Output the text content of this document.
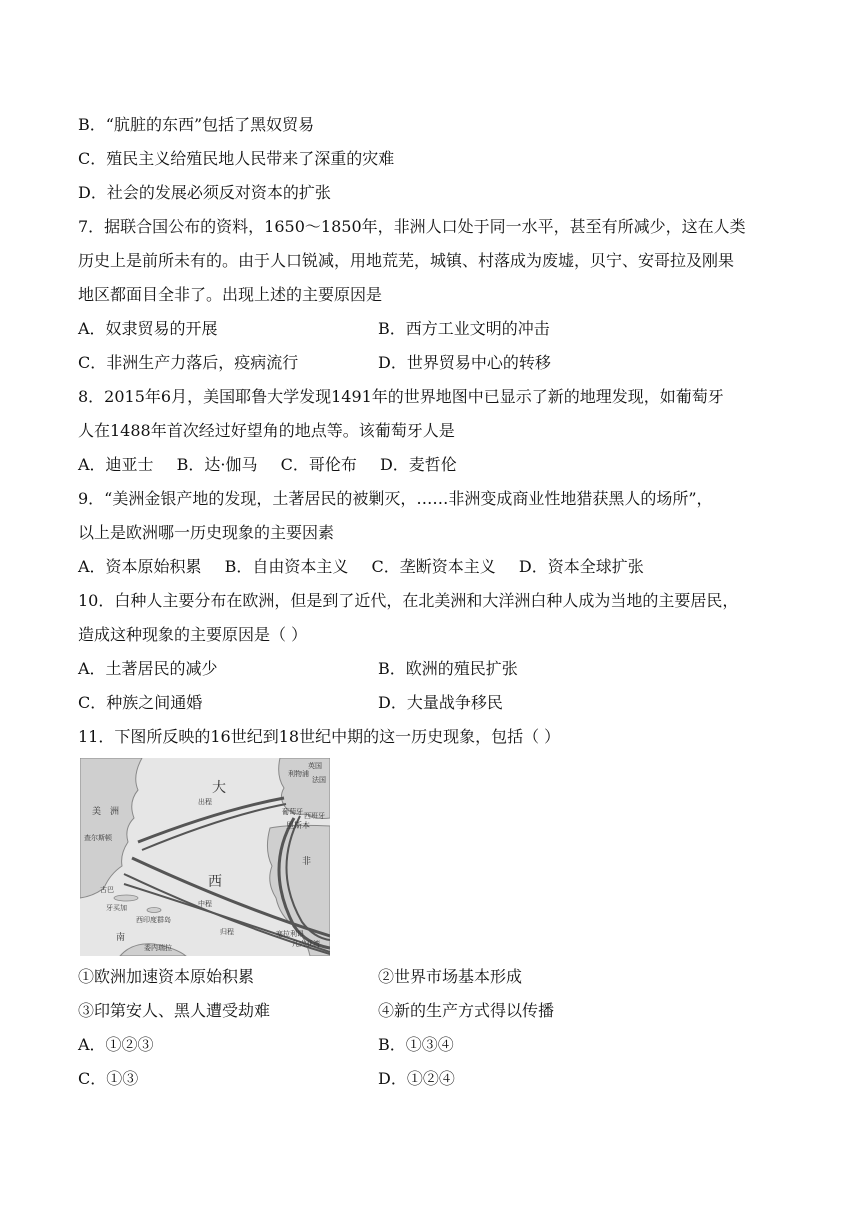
B．“肮脏的东西”包括了黑奴贸易
C．殖民主义给殖民地人民带来了深重的灾难
D．社会的发展必须反对资本的扩张
7．据联合国公布的资料，1650～1850年，非洲人口处于同一水平，甚至有所减少，这在人类
历史上是前所未有的。由于人口锐减，用地荒芜，城镇、村落成为废墟，贝宁、安哥拉及刚果
地区都面目全非了。出现上述的主要原因是
A．奴隶贸易的开展	B．西方工业文明的冲击
C．非洲生产力落后，疫病流行	D．世界贸易中心的转移
8．2015年6月，美国耶鲁大学发现1491年的世界地图中已显示了新的地理发现，如葡萄牙
人在1488年首次经过好望角的地点等。该葡萄牙人是
A．迪亚士 B．达·伽马 C．哥伦布 D．麦哲伦
9．“美洲金银产地的发现，土著居民的被剿灭，……非洲变成商业性地猎获黑人的场所”，
以上是欧洲哪一历史现象的主要因素
A．资本原始积累 B．自由资本主义 C．垄断资本主义 D．资本全球扩张
10．白种人主要分布在欧洲，但是到了近代，在北美洲和大洋洲白种人成为当地的主要居民，
造成这种现象的主要原因是（ ）
A．土著居民的减少	B．欧洲的殖民扩张
C．种族之间通婚	D．大量战争移民
11．下图所反映的16世纪到18世纪中期的这一历史现象，包括（ ）
美 洲
大
西
南
非
英国
法国
利物浦
葡萄牙 西班牙
里斯本
查尔斯顿
古巴
牙买加
西印度群岛
委内瑞拉
中程
出程
归程	塞拉利昂
几内亚湾
①欧洲加速资本原始积累	②世界市场基本形成
③印第安人、黑人遭受劫难	④新的生产方式得以传播
A．①②③	B．①③④
C．①③	D．①②④
